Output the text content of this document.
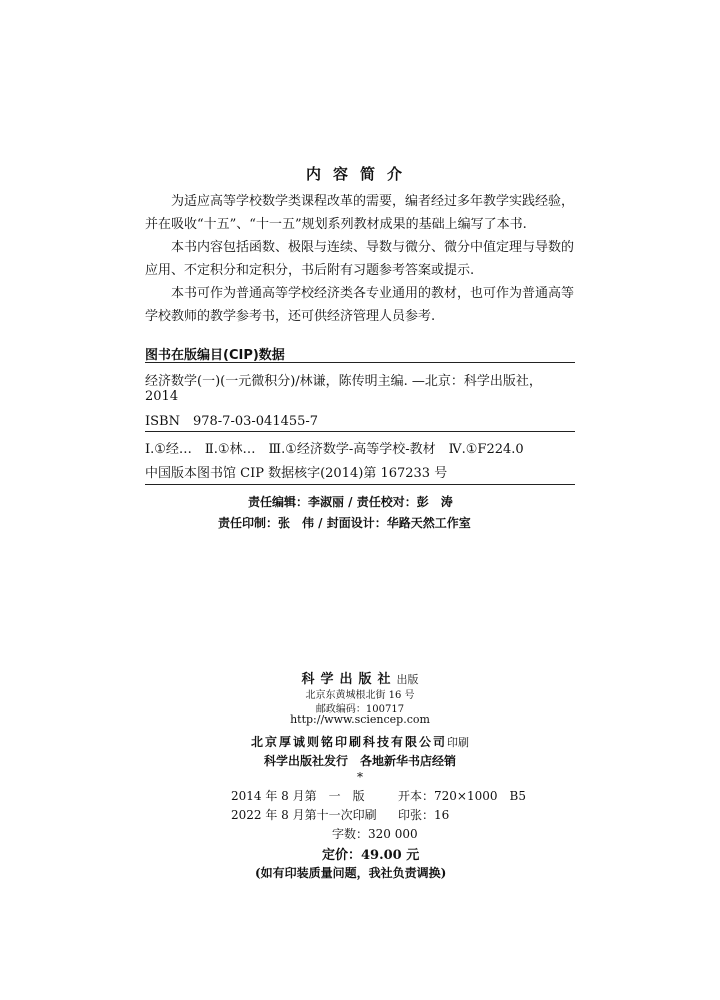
内容简介
为适应高等学校数学类课程改革的需要，编者经过多年教学实践经验，并在吸收“十五”、“十一五”规划系列教材成果的基础上编写了本书.
本书内容包括函数、极限与连续、导数与微分、微分中值定理与导数的应用、不定积分和定积分，书后附有习题参考答案或提示.
本书可作为普通高等学校经济类各专业通用的教材，也可作为普通高等学校教师的教学参考书，还可供经济管理人员参考.
图书在版编目(CIP)数据
经济数学(一)(一元微积分)/林谦，陈传明主编. —北京：科学出版社，
2014
ISBN　978-7-03-041455-7
Ⅰ.①经…　Ⅱ.①林…　Ⅲ.①经济数学-高等学校-教材　Ⅳ.①F224.0
中国版本图书馆 CIP 数据核字(2014)第 167233 号
责任编辑：李淑丽 / 责任校对：彭　涛
责任印制：张　伟 / 封面设计：华路天然工作室
科学出版社出版
北京东黄城根北街 16 号
邮政编码：100717
http://www.sciencep.com
北京厚诚则铭印刷科技有限公司印刷
科学出版社发行　各地新华书店经销
*
2014 年 8 月第　一　版	开本：720×1000　B5
2022 年 8 月第十一次印刷 印张：16
字数：320 000
定价：49.00 元
(如有印装质量问题，我社负责调换)
